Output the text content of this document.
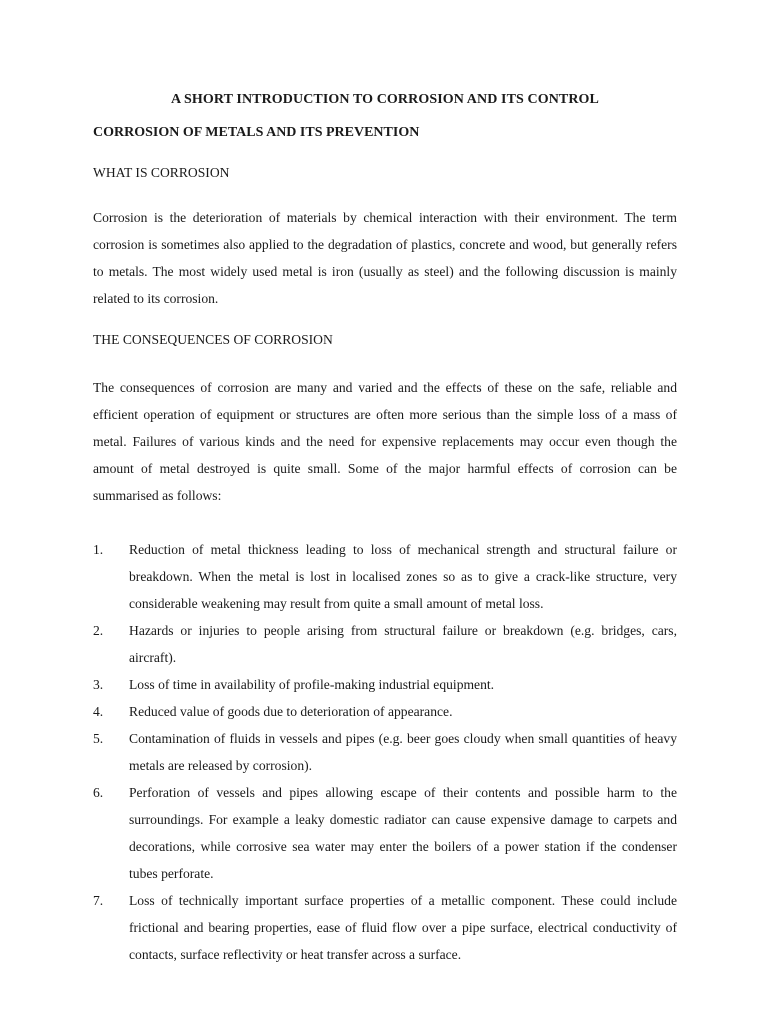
A SHORT INTRODUCTION TO CORROSION AND ITS CONTROL
CORROSION OF METALS AND ITS PREVENTION
WHAT IS CORROSION

Corrosion is the deterioration of materials by chemical interaction with their environment. The term corrosion is sometimes also applied to the degradation of plastics, concrete and wood, but generally refers to metals. The most widely used metal is iron (usually as steel) and the following discussion is mainly related to its corrosion.

THE CONSEQUENCES OF CORROSION

The consequences of corrosion are many and varied and the effects of these on the safe, reliable and efficient operation of equipment or structures are often more serious than the simple loss of a mass of metal. Failures of various kinds and the need for expensive replacements may occur even though the amount of metal destroyed is quite small. Some of the major harmful effects of corrosion can be summarised as follows:

1. Reduction of metal thickness leading to loss of mechanical strength and structural failure or breakdown. When the metal is lost in localised zones so as to give a crack-like structure, very considerable weakening may result from quite a small amount of metal loss.
2. Hazards or injuries to people arising from structural failure or breakdown (e.g. bridges, cars, aircraft).
3. Loss of time in availability of profile-making industrial equipment.
4. Reduced value of goods due to deterioration of appearance.
5. Contamination of fluids in vessels and pipes (e.g. beer goes cloudy when small quantities of heavy metals are released by corrosion).
6. Perforation of vessels and pipes allowing escape of their contents and possible harm to the surroundings. For example a leaky domestic radiator can cause expensive damage to carpets and decorations, while corrosive sea water may enter the boilers of a power station if the condenser tubes perforate.
7. Loss of technically important surface properties of a metallic component. These could include frictional and bearing properties, ease of fluid flow over a pipe surface, electrical conductivity of contacts, surface reflectivity or heat transfer across a surface.
